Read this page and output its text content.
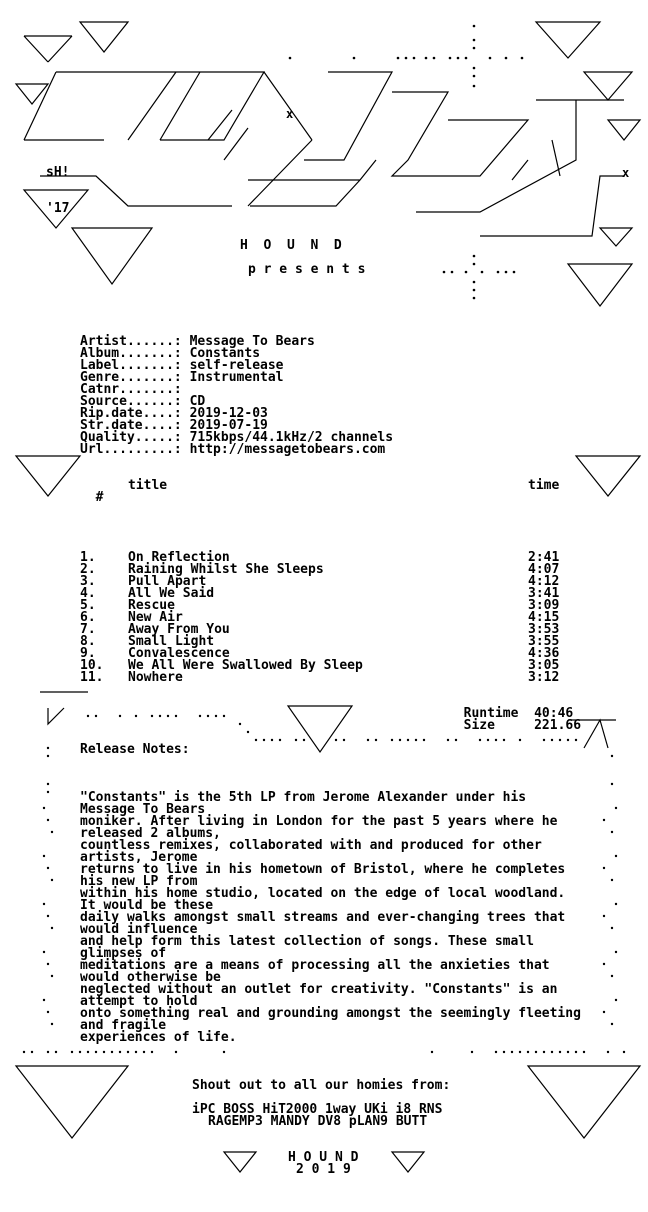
x
x

sH!

'17

H  O  U  N  D
p r e s e n t s

Artist......: Message To Bears
Album.......: Constants
Label.......: self-release
Genre.......: Instrumental
Catnr.......:
Source......: CD
Rip.date....: 2019-12-03
Str.date....: 2019-07-19
Quality.....: 715kbps/44.1kHz/2 channels
Url.........: http://messagetobears.com

#

title	time

1. On Reflection	2:41
2. Raining Whilst She Sleeps	4:07
3. Pull Apart	4:12
4. All We Said	3:41
5. Rescue	3:09
6. New Air	4:15
7. Away From You	3:53
8. Small Light	3:55
9. Convalescence	4:36
10. We All Were Swallowed By Sleep	3:05
11. Nowhere	3:12

Runtime 40:46

Size	221.66

Release Notes:

"Constants" is the 5th LP from Jerome Alexander under his
Message To Bears
moniker. After living in London for the past 5 years where he
released 2 albums,
countless remixes, collaborated with and produced for other
artists, Jerome
returns to live in his hometown of Bristol, where he completes
his new LP from
within his home studio, located on the edge of local woodland.
It would be these
daily walks amongst small streams and ever-changing trees that
would influence
and help form this latest collection of songs. These small
glimpses of
meditations are a means of processing all the anxieties that
would otherwise be
neglected without an outlet for creativity. "Constants" is an
attempt to hold
onto something real and grounding amongst the seemingly fleeting
and fragile
experiences of life.

Shout out to all our homies from:
iPC BOSS HiT2000 1way UKi i8 RNS
RAGEMP3 MANDY DV8 pLAN9 BUTT
H O U N D
2 0 1 9
